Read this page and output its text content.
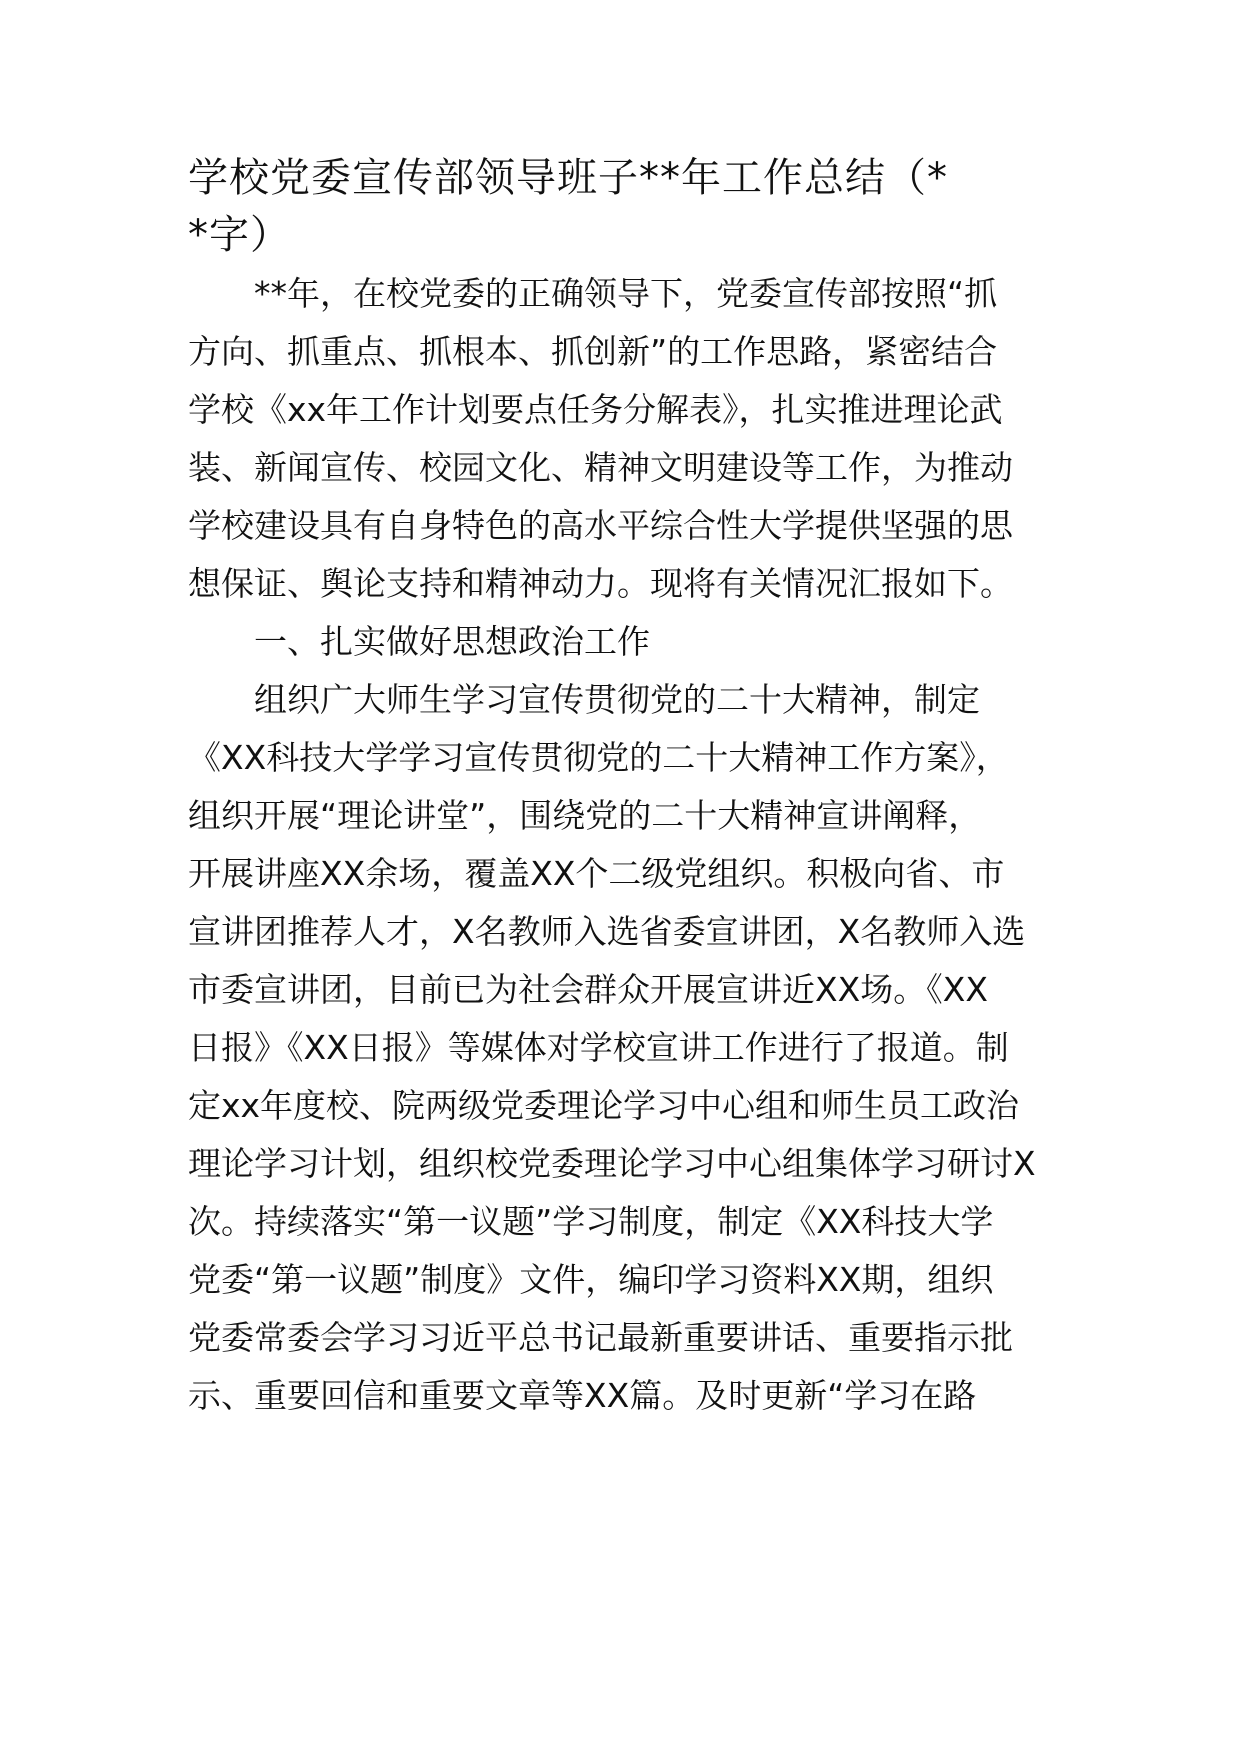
学校党委宣传部领导班子**年工作总结（*
*字）
**年，在校党委的正确领导下，党委宣传部按照“抓
方向、抓重点、抓根本、抓创新”的工作思路，紧密结合
学校《xx年工作计划要点任务分解表》，扎实推进理论武
装、新闻宣传、校园文化、精神文明建设等工作，为推动
学校建设具有自身特色的高水平综合性大学提供坚强的思
想保证、舆论支持和精神动力。现将有关情况汇报如下。
一、扎实做好思想政治工作
组织广大师生学习宣传贯彻党的二十大精神，制定
《XX科技大学学习宣传贯彻党的二十大精神工作方案》，
组织开展“理论讲堂”，围绕党的二十大精神宣讲阐释，
开展讲座XX余场，覆盖XX个二级党组织。积极向省、市
宣讲团推荐人才，X名教师入选省委宣讲团，X名教师入选
市委宣讲团，目前已为社会群众开展宣讲近XX场。《XX
日报》《XX日报》等媒体对学校宣讲工作进行了报道。制
定xx年度校、院两级党委理论学习中心组和师生员工政治
理论学习计划，组织校党委理论学习中心组集体学习研讨X
次。持续落实“第一议题”学习制度，制定《XX科技大学
党委“第一议题”制度》文件，编印学习资料XX期，组织
党委常委会学习习近平总书记最新重要讲话、重要指示批
示、重要回信和重要文章等XX篇。及时更新“学习在路
